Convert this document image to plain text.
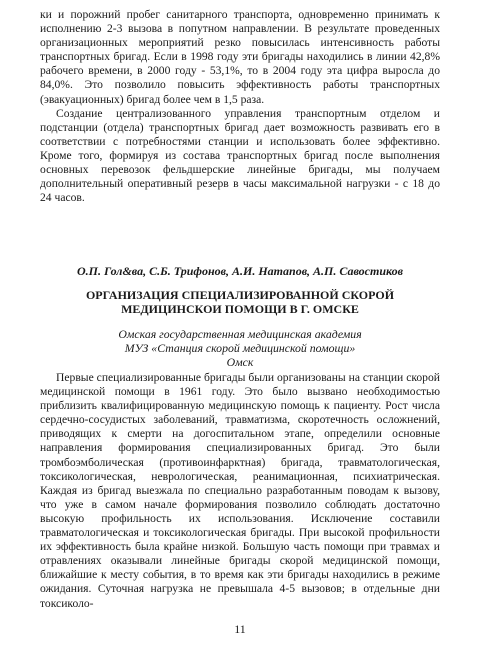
ки и порожний пробег санитарного транспорта, одновременно принимать к исполнению 2-3 вызова в попутном направлении. В результате проведенных организационных мероприятий резко повысилась интенсивность работы транспортных бригад. Если в 1998 году эти бригады находились в линии 42,8% рабочего времени, в 2000 году - 53,1%, то в 2004 году эта цифра выросла до 84,0%. Это позволило повысить эффективность работы транспортных (эвакуационных) бригад более чем в 1,5 раза.

Создание централизованного управления транспортным отделом и подстанции (отдела) транспортных бригад дает возможность развивать его в соответствии с потребностями станции и использовать более эффективно. Кроме того, формируя из состава транспортных бригад после выполнения основных перевозок фельдшерские линейные бригады, мы получаем дополнительный оперативный резерв в часы максимальной нагрузки - с 18 до 24 часов.

О.П. Гол&ва, С.Б. Трифонов, А.И. Натапов, А.П. Савостиков
ОРГАНИЗАЦИЯ СПЕЦИАЛИЗИРОВАННОЙ СКОРОЙ
МЕДИЦИНСКОИ ПОМОЩИ В Г. ОМСКЕ
Омская государственная медицинская академия
МУЗ «Станция скорой медицинской помощи»
Омск

Первые специализированные бригады были организованы на станции скорой медицинской помощи в 1961 году. Это было вызвано необходимостью приблизить квалифицированную медицинскую помощь к пациенту. Рост числа сердечно-сосудистых заболеваний, травматизма, скоротечность осложнений, приводящих к смерти на догоспитальном этапе, определили основные направления формирования специализированных бригад. Это были тромбоэмболическая (противоинфарктная) бригада, травматологическая, токсикологическая, неврологическая, реанимационная, психиатрическая. Каждая из бригад выезжала по специально разработанным поводам к вызову, что уже в самом начале формирования позволило соблюдать достаточно высокую профильность их использования. Исключение составили травматологическая и токсикологическая бригады. При высокой профильности их эффективность была крайне низкой. Большую часть помощи при травмах и отравлениях оказывали линейные бригады скорой медицинской помощи, ближайшие к месту события, в то время как эти бригады находились в режиме ожидания. Суточная нагрузка не превышала 4-5 вызовов; в отдельные дни токсиколо-

11
